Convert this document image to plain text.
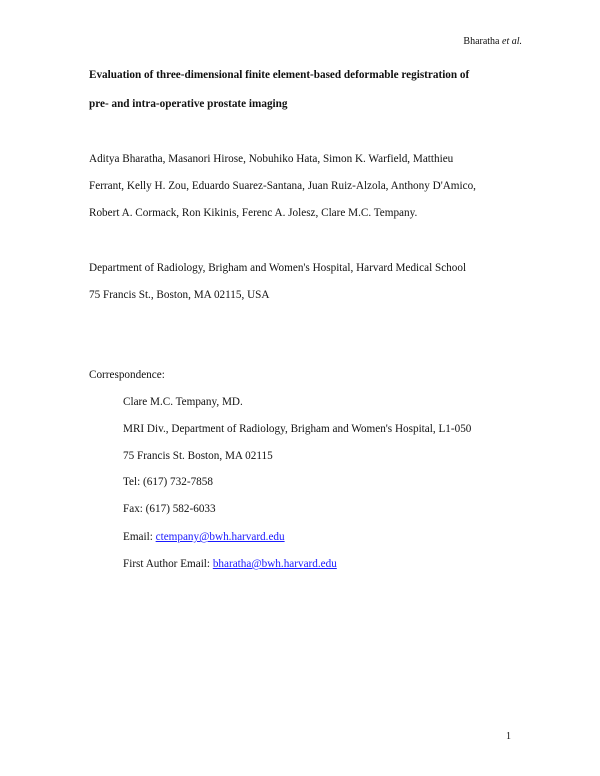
Bharatha et al.
Evaluation of three-dimensional finite element-based deformable registration of
pre- and intra-operative prostate imaging
Aditya Bharatha, Masanori Hirose, Nobuhiko Hata, Simon K. Warfield, Matthieu
Ferrant, Kelly H. Zou, Eduardo Suarez-Santana, Juan Ruiz-Alzola, Anthony D'Amico,
Robert A. Cormack, Ron Kikinis, Ferenc A. Jolesz, Clare M.C. Tempany.
Department of Radiology, Brigham and Women's Hospital, Harvard Medical School
75 Francis St., Boston, MA 02115, USA
Correspondence:
Clare M.C. Tempany, MD.
MRI Div., Department of Radiology, Brigham and Women's Hospital, L1-050
75 Francis St. Boston, MA 02115
Tel: (617) 732-7858
Fax: (617) 582-6033
Email: ctempany@bwh.harvard.edu
First Author Email: bharatha@bwh.harvard.edu
1
